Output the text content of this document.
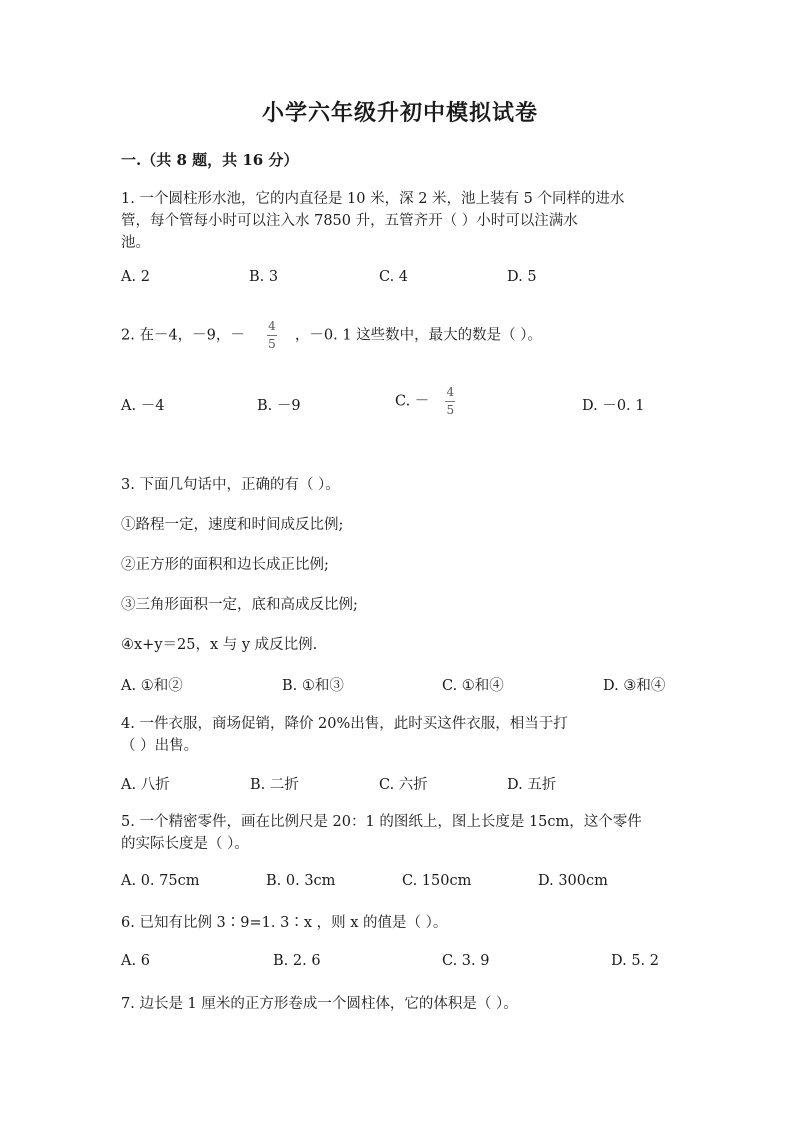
小学六年级升初中模拟试卷
一.（共 8 题，共 16 分）
1. 一个圆柱形水池，它的内直径是 10 米，深 2 米，池上装有 5 个同样的进水
管，每个管每小时可以注入水 7850 升，五管齐开（ ）小时可以注满水
池。
A. 2	B. 3	C. 4	D. 5
2. 在－4，－9，－ $\frac{4}{5}$ ，－0. 1 这些数中，最大的数是（ ）。
A. －4	B. －9	C. － $\frac{4}{5}$	D. －0. 1
3. 下面几句话中，正确的有（ ）。
①路程一定，速度和时间成反比例;
②正方形的面积和边长成正比例;
③三角形面积一定，底和高成反比例;
④x+y＝25，x 与 y 成反比例.
A. ①和②	B. ①和③	C. ①和④	D. ③和④
4. 一件衣服，商场促销，降价 20%出售，此时买这件衣服，相当于打
（ ）出售。
A. 八折	B. 二折	C. 六折	D. 五折
5. 一个精密零件，画在比例尺是 20：1 的图纸上，图上长度是 15cm，这个零件
的实际长度是（ ）。
A. 0. 75cm	B. 0. 3cm	C. 150cm	D. 300cm
6. 已知有比例 3∶9=1. 3∶x ，则 x 的值是（ ）。
A. 6	B. 2. 6	C. 3. 9	D. 5. 2
7. 边长是 1 厘米的正方形卷成一个圆柱体，它的体积是（ ）。
